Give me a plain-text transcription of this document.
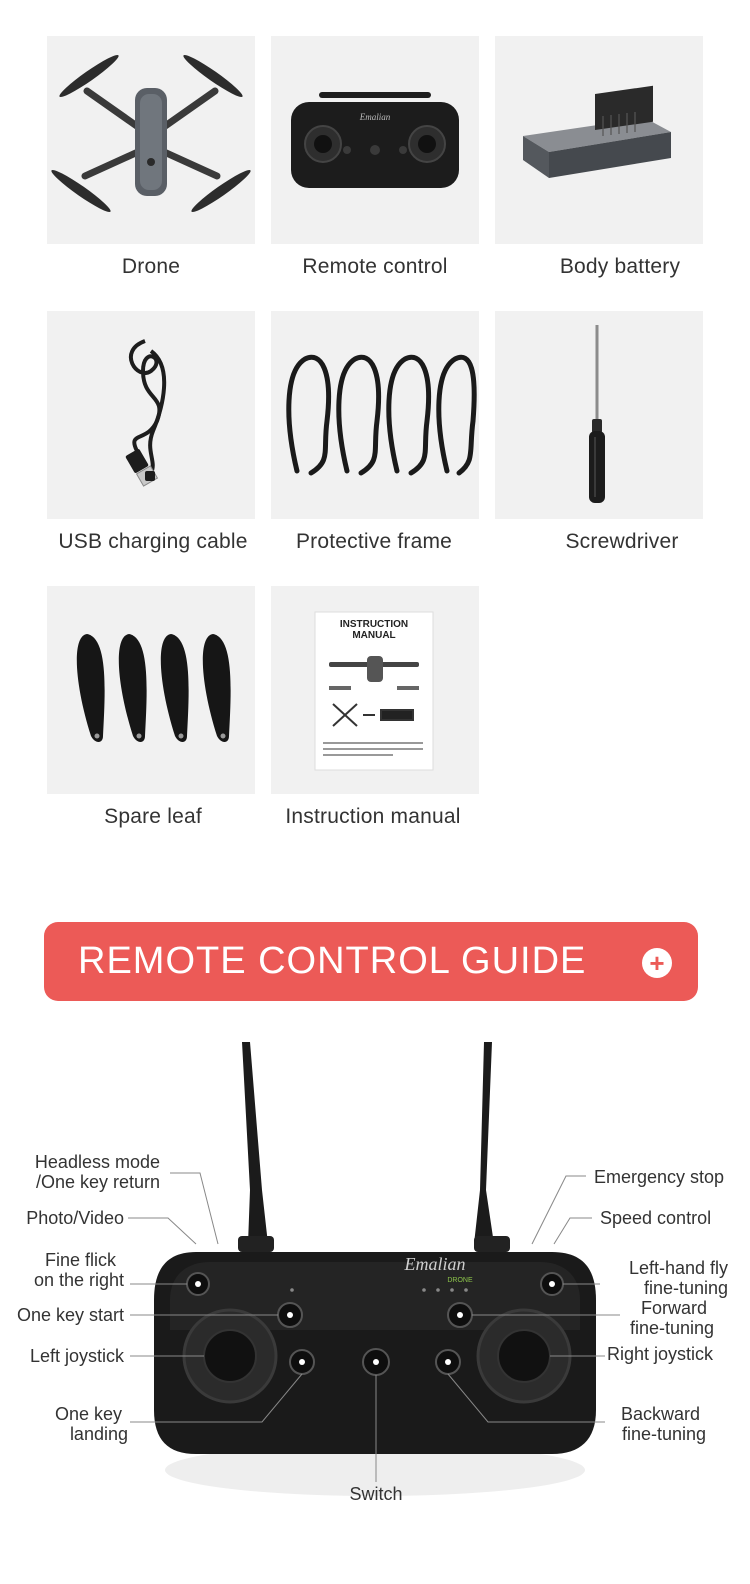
Drone
Emalian
Remote control	Body battery
USB charging cable	Protective frame	Screwdriver
Spare leaf
INSTRUCTION
MANUAL
Instruction manual
REMOTE CONTROL GUIDE +
Emalian
DRONE
Headless mode
/One key return
Photo/Video
Fine flick
on the right
One key start
Left joystick
One key
landing
Emergency stop
Speed control
Left-hand fly
fine-tuning
Forward
fine-tuning
Right joystick
Backward
fine-tuning
Switch
